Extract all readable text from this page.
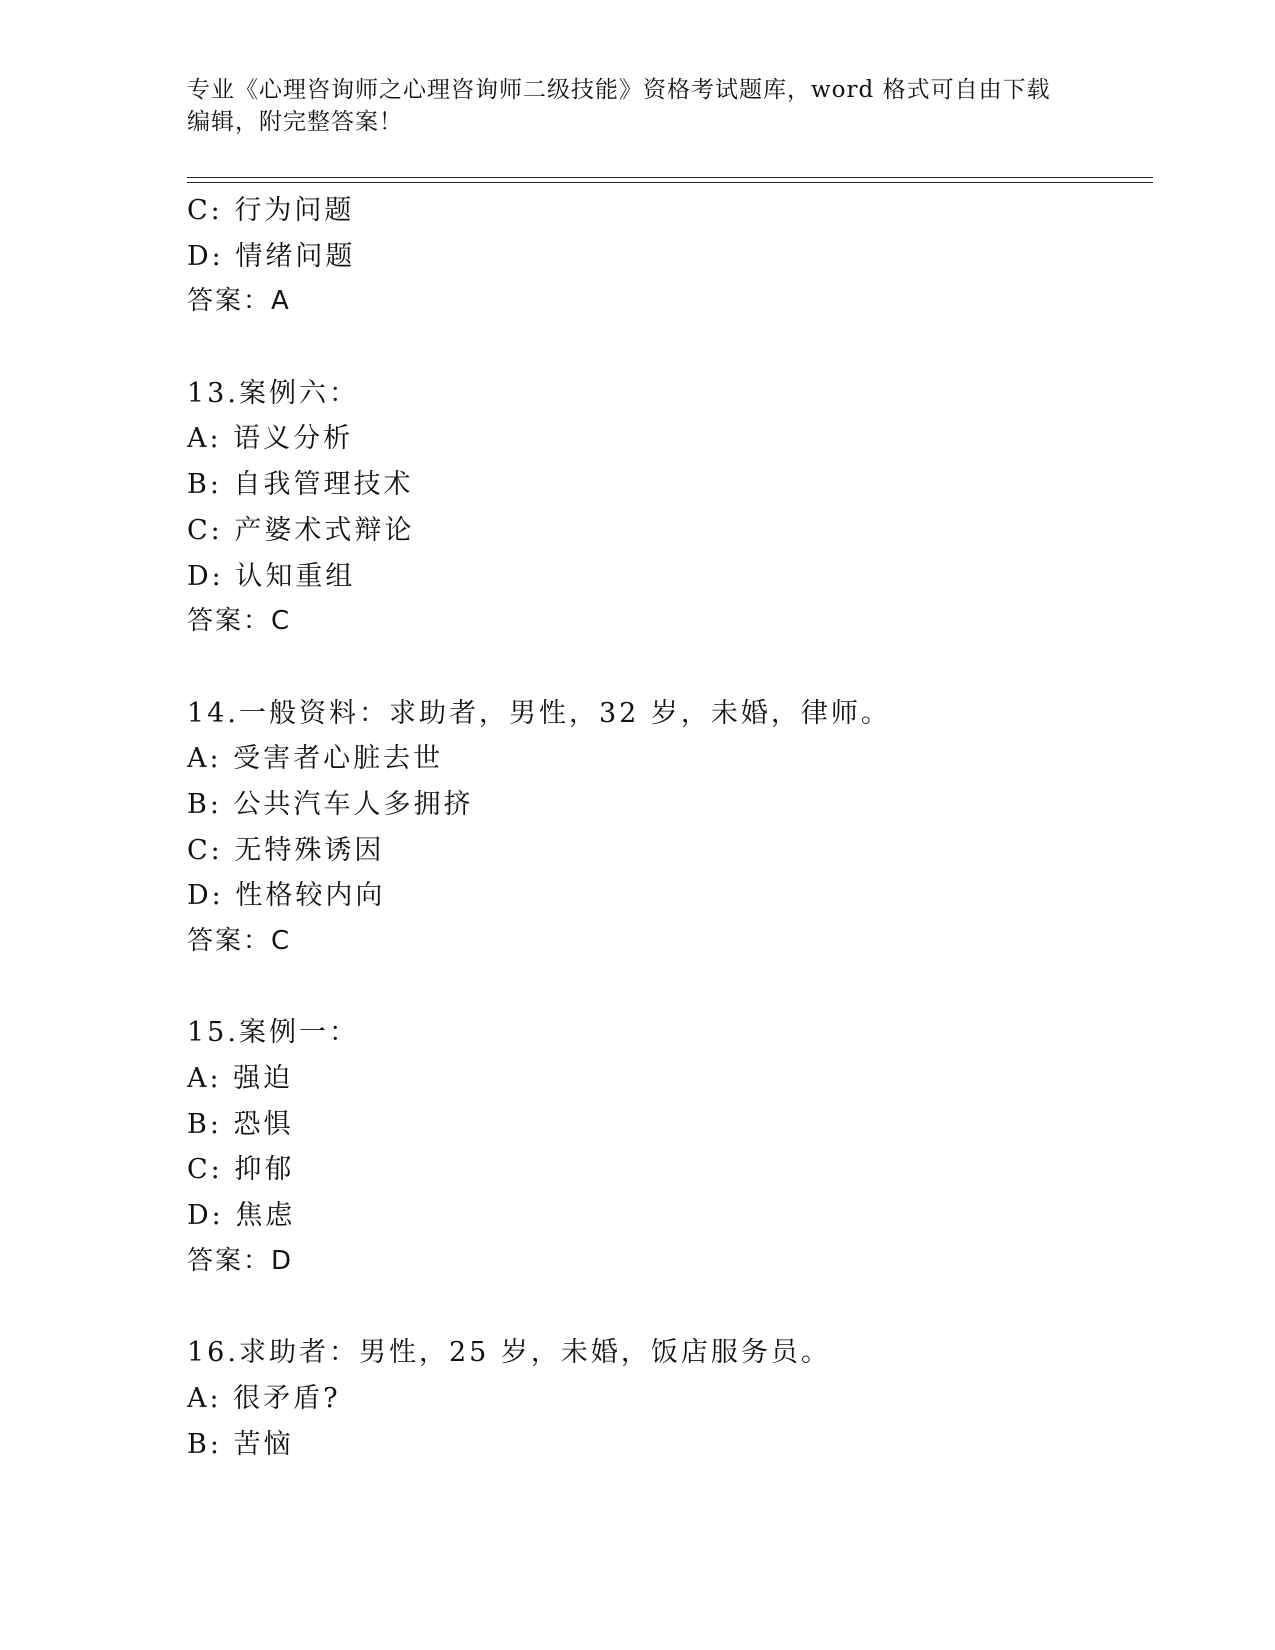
专业《心理咨询师之心理咨询师二级技能》资格考试题库，word 格式可自由下载
编辑，附完整答案！
C: 行为问题
D: 情绪问题
答案：A
13.案例六：
A: 语义分析
B: 自我管理技术
C: 产婆术式辩论
D: 认知重组
答案：C
14.一般资料：求助者，男性，32 岁，未婚，律师。
A: 受害者心脏去世
B: 公共汽车人多拥挤
C: 无特殊诱因
D: 性格较内向
答案：C
15.案例一：
A: 强迫
B: 恐惧
C: 抑郁
D: 焦虑
答案：D
16.求助者：男性，25 岁，未婚，饭店服务员。
A: 很矛盾?
B: 苦恼
